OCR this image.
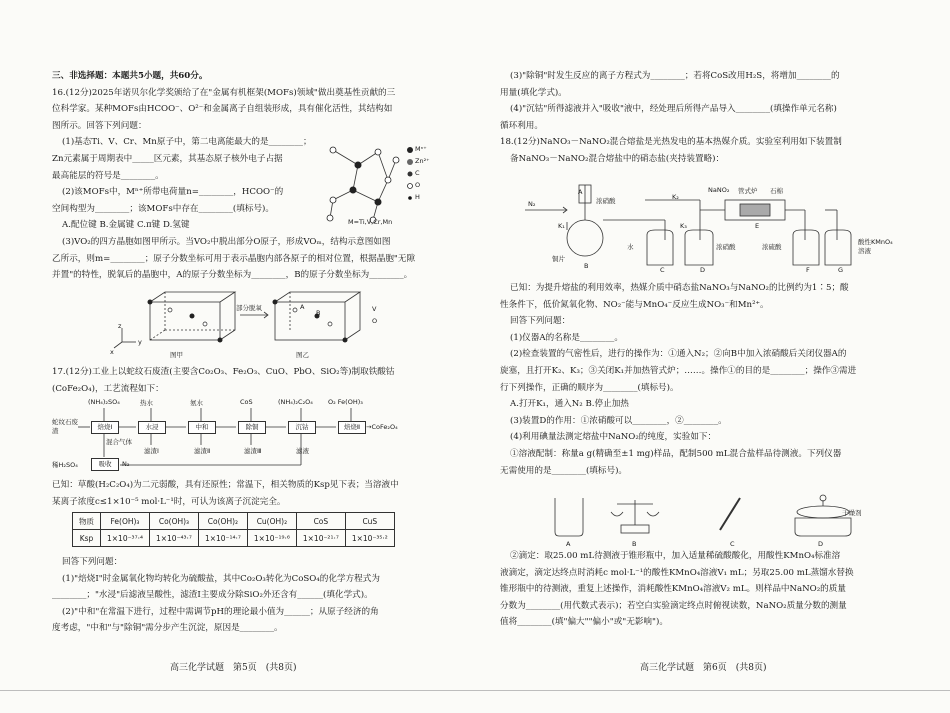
三、非选择题：本题共5小题，共60分。
16.(12分)2025年诺贝尔化学奖颁给了在"金属有机框架(MOFs)领域"做出奠基性贡献的三
位科学家。某种MOFs由HCOO⁻、O²⁻和金属离子自组装形成，具有催化活性，其结构如
图所示。回答下列问题：
(1)基态Ti、V、Cr、Mn原子中，第二电离能最大的是________；
Zn元素属于周期表中_____区元素，其基态原子核外电子占据
最高能层的符号是________。
(2)该MOFs中，Mⁿ⁺所带电荷量n=________，HCOO⁻的
空间构型为________；该MOFs中存在________(填标号)。
A.配位键 B.金属键 C.π键 D.氢键
(3)VO₂的四方晶胞如图甲所示。当VO₂中脱出部分O原子，形成VOₘ，结构示意图如图
乙所示，则m=________；原子分数坐标可用于表示晶胞内部各原子的相对位置，根据晶胞"无隙
并置"的特性，脱氧后的晶胞中，A的原子分数坐标为________，B的原子分数坐标为________。
17.(12分)工业上以蛇纹石废渣(主要含Co₂O₃、Fe₂O₃、CuO、PbO、SiO₂等)制取铁酸钴
(CoFe₂O₄)，工艺流程如下：
已知：草酸(H₂C₂O₄)为二元弱酸，具有还原性；常温下，相关物质的Ksp见下表；当溶液中
某离子浓度c≤1×10⁻⁵ mol·L⁻¹时，可认为该离子沉淀完全。
回答下列问题：
(1)"焙烧Ⅰ"时金属氧化物均转化为硫酸盐，其中Co₂O₃转化为CoSO₄的化学方程式为
________；"水浸"后滤液呈酸性，滤渣Ⅰ主要成分除SiO₂外还含有______(填化学式)。
(2)"中和"在常温下进行，过程中需调节pH的理论最小值为______；从原子经济的角
度考虑，"中和"与"除铜"需分步产生沉淀，原因是________。
Mⁿ⁺
Zn²⁺
C
O
H
M=Ti,V,Cr,Mn
z
y
x
部分脱氧	A
B	V
O
图甲	图乙
(NH₄)₂SO₄	热水	氨水	CoS	(NH₄)₂C₂O₄ O₂ Fe(OH)₃
蛇纹石废渣	焙烧Ⅰ	水浸	中和	除铜	沉钴	焙烧Ⅱ →CoFe₂O₄
混合气体
滤渣Ⅰ	滤渣Ⅱ	滤渣Ⅲ	滤液
吸收
稀H₂SO₄	N₂
物质	Fe(OH)₃	Co(OH)₃	Co(OH)₂	Cu(OH)₂	CoS	CuS
Ksp	1×10⁻³⁷·⁴	1×10⁻⁴³·⁷	1×10⁻¹⁴·⁷	1×10⁻¹⁹·⁶	1×10⁻²¹·⁷	1×10⁻³⁵·²
高三化学试题　第5页　(共8页)
(3)"除铜"时发生反应的离子方程式为________；若将CoS改用H₂S，将增加________的
用量(填化学式)。
(4)"沉钴"所得滤液并入"吸收"液中，经处理后所得产品导入________(填操作单元名称)
循环利用。
18.(12分)NaNO₃－NaNO₂混合熔盐是光热发电的基本热媒介质。实验室利用如下装置制
备NaNO₃－NaNO₂混合熔盐中的硝态盐(夹持装置略)：
N₂
A
浓硝酸
K₁
K₂
K₃
铜片
B
水
C
浓硝酸
D
NaNO₂ 管式炉 石棉
E
浓硫酸
F
酸性KMnO₄溶液
G
已知：为提升熔盐的利用效率，热媒介质中硝态盐NaNO₃与NaNO₂的比例约为1∶5；酸
性条件下，低价氮氧化物、NO₂⁻能与MnO₄⁻反应生成NO₃⁻和Mn²⁺。
回答下列问题：
(1)仪器A的名称是________。
(2)检查装置的气密性后，进行的操作为：①通入N₂；②向B中加入浓硝酸后关闭仪器A的
旋塞，且打开K₂、K₃；③关闭K₁并加热管式炉；……。操作①的目的是________；操作③需进
行下列操作，正确的顺序为________(填标号)。
A.打开K₁，通入N₂ B.停止加热
(3)装置D的作用：①浓硝酸可以________，②________。
(4)利用碘量法测定熔盐中NaNO₂的纯度，实验如下：
①溶液配制：称量a g(精确至±1 mg)样品，配制500 mL混合盐样品待测液。下列仪器
无需使用的是________(填标号)。
A	B	C	D
干燥剂
②滴定：取25.00 mL待测液于锥形瓶中，加入适量稀硫酸酸化，用酸性KMnO₄标准溶
液滴定，滴定达终点时消耗c mol·L⁻¹的酸性KMnO₄溶液V₁ mL；另取25.00 mL蒸馏水替换
锥形瓶中的待测液，重复上述操作，消耗酸性KMnO₄溶液V₂ mL。则样品中NaNO₂的质量
分数为________(用代数式表示)；若空白实验滴定终点时俯视读数，NaNO₂质量分数的测量
值将________(填"偏大""偏小"或"无影响")。
高三化学试题　第6页　(共8页)
